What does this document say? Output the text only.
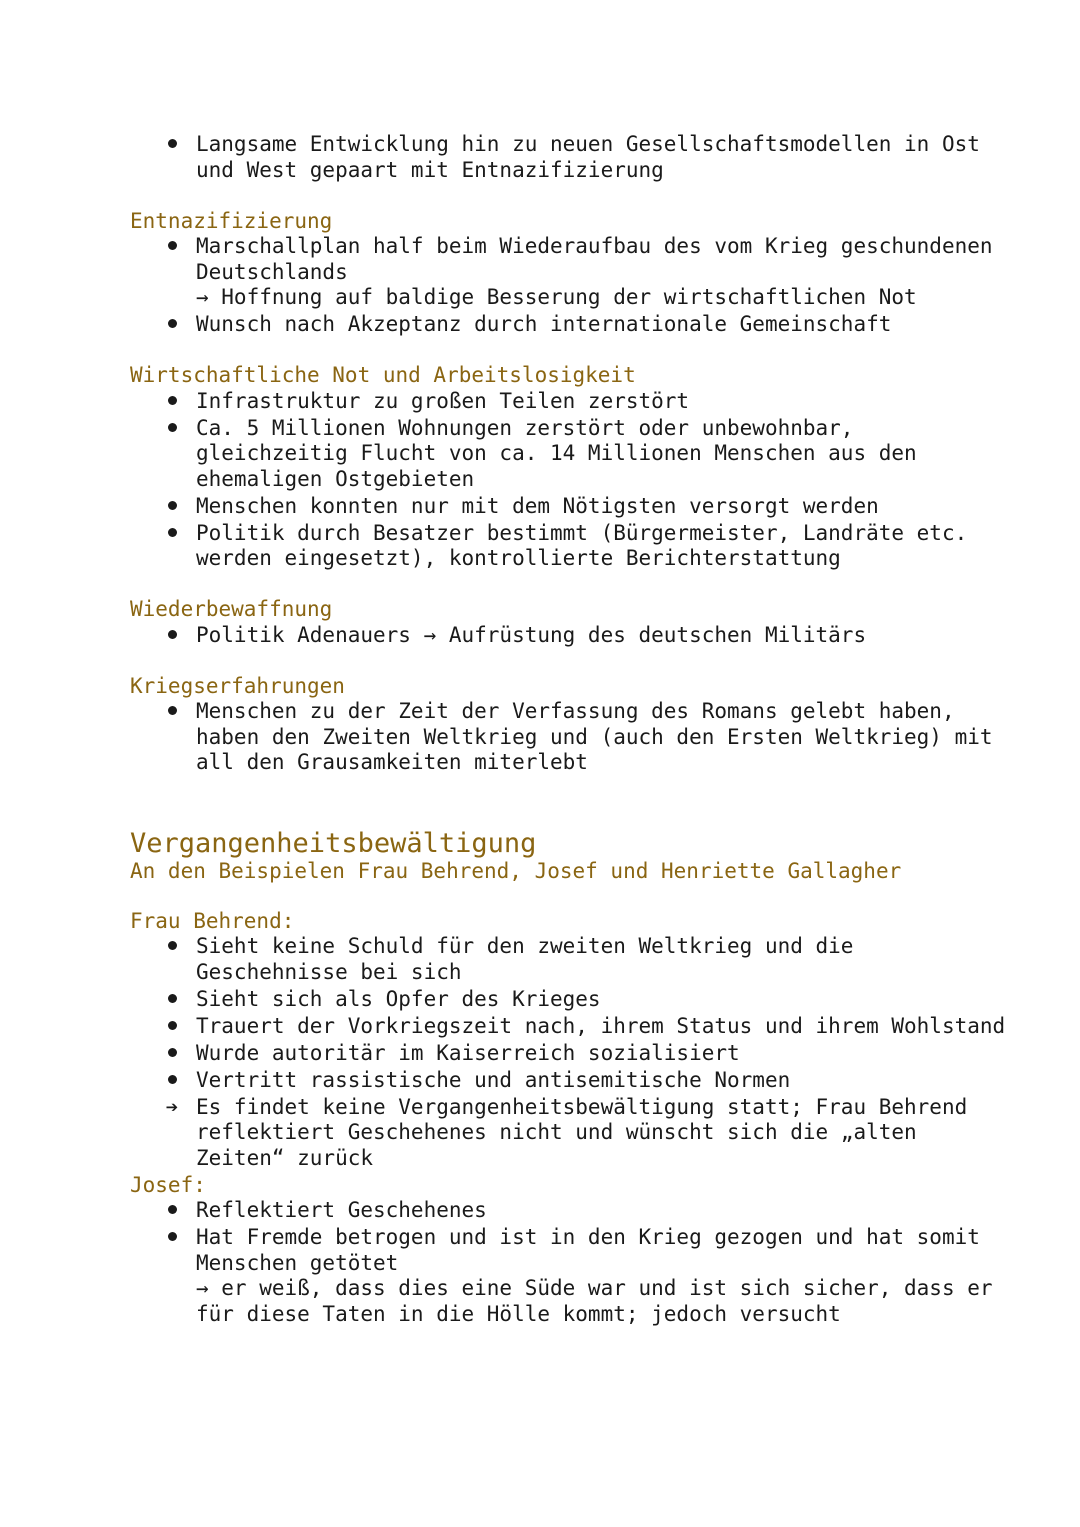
Langsame Entwicklung hin zu neuen Gesellschaftsmodellen in Ost und West gepaart mit Entnazifizierung
Entnazifizierung
Marschallplan half beim Wiederaufbau des vom Krieg geschundenen Deutschlands
→ Hoffnung auf baldige Besserung der wirtschaftlichen Not
Wunsch nach Akzeptanz durch internationale Gemeinschaft
Wirtschaftliche Not und Arbeitslosigkeit
Infrastruktur zu großen Teilen zerstört
Ca. 5 Millionen Wohnungen zerstört oder unbewohnbar, gleichzeitig Flucht von ca. 14 Millionen Menschen aus den ehemaligen Ostgebieten
Menschen konnten nur mit dem Nötigsten versorgt werden
Politik durch Besatzer bestimmt (Bürgermeister, Landräte etc. werden eingesetzt), kontrollierte Berichterstattung
Wiederbewaffnung
Politik Adenauers → Aufrüstung des deutschen Militärs
Kriegserfahrungen
Menschen zu der Zeit der Verfassung des Romans gelebt haben, haben den Zweiten Weltkrieg und (auch den Ersten Weltkrieg) mit all den Grausamkeiten miterlebt
Vergangenheitsbewältigung
An den Beispielen Frau Behrend, Josef und Henriette Gallagher
Frau Behrend:
Sieht keine Schuld für den zweiten Weltkrieg und die Geschehnisse bei sich
Sieht sich als Opfer des Krieges
Trauert der Vorkriegszeit nach, ihrem Status und ihrem Wohlstand
Wurde autoritär im Kaiserreich sozialisiert
Vertritt rassistische und antisemitische Normen
➔ Es findet keine Vergangenheitsbewältigung statt; Frau Behrend reflektiert Geschehenes nicht und wünscht sich die „alten Zeiten“ zurück
Josef:
Reflektiert Geschehenes
Hat Fremde betrogen und ist in den Krieg gezogen und hat somit Menschen getötet
→ er weiß, dass dies eine Süde war und ist sich sicher, dass er für diese Taten in die Hölle kommt; jedoch versucht
